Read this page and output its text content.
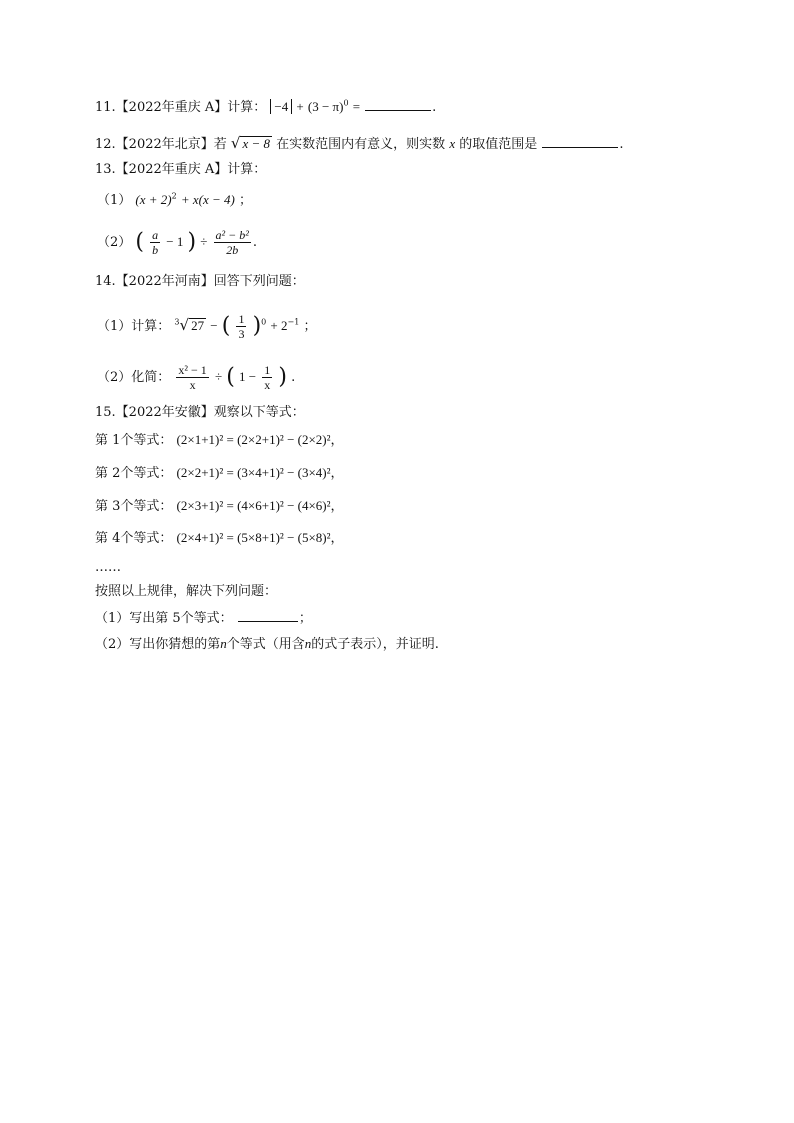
11.【2022年重庆 A】计算： $-4 + (3 - \pi)^0$ =	.
12.【2022年北京】若 √ x − 8 在实数范围内有意义，则实数 x 的取值范围是	.
13.【2022年重庆 A】计算：
（1） $(x + 2)^2 + x(x - 4)$ ；
（2） ( $\frac{a}{b} - 1$ ) ÷ $\frac{\text{a² − b²}}{2b}$ .
14.【2022年河南】回答下列问题：
（1）计算： $^3$√ 27 − ( $\frac{1}{3} )^0 + 2^{-1}$ ；
（2）化简： $\frac{\text{x² − 1}}{x}$ ÷ ( $1 - \frac{1}{x}$ ) .
15.【2022年安徽】观察以下等式：
第 1个等式： (2×1+1)² = (2×2+1)² − (2×2)²，
第 2个等式： (2×2+1)² = (3×4+1)² − (3×4)²，
第 3个等式： (2×3+1)² = (4×6+1)² − (4×6)²，
第 4个等式： (2×4+1)² = (5×8+1)² − (5×8)²，
……
按照以上规律，解决下列问题：
（1）写出第 5个等式：	；
（2）写出你猜想的第n个等式（用含n的式子表示），并证明.
